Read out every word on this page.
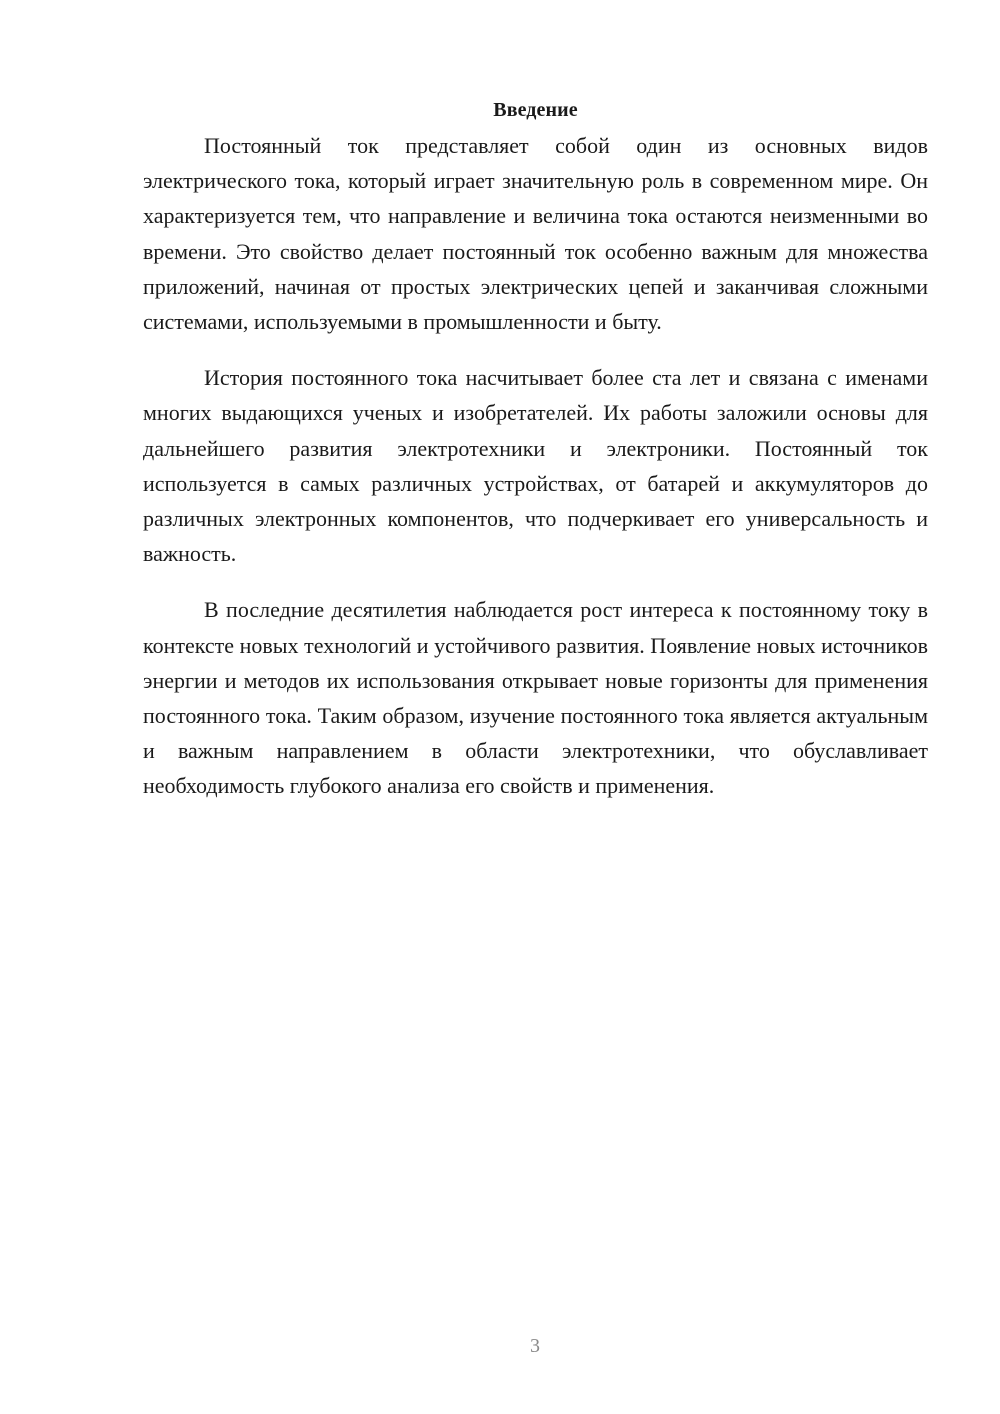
Введение

Постоянный ток представляет собой один из основных видов электрического тока, который играет значительную роль в современном мире. Он характеризуется тем, что направление и величина тока остаются неизменными во времени. Это свойство делает постоянный ток особенно важным для множества приложений, начиная от простых электрических цепей и заканчивая сложными системами, используемыми в промышленности и быту.

История постоянного тока насчитывает более ста лет и связана с именами многих выдающихся ученых и изобретателей. Их работы заложили основы для дальнейшего развития электротехники и электроники. Постоянный ток используется в самых различных устройствах, от батарей и аккумуляторов до различных электронных компонентов, что подчеркивает его универсальность и важность.

В последние десятилетия наблюдается рост интереса к постоянному току в контексте новых технологий и устойчивого развития. Появление новых источников энергии и методов их использования открывает новые горизонты для применения постоянного тока. Таким образом, изучение постоянного тока является актуальным и важным направлением в области электротехники, что обуславливает необходимость глубокого анализа его свойств и применения.

3
